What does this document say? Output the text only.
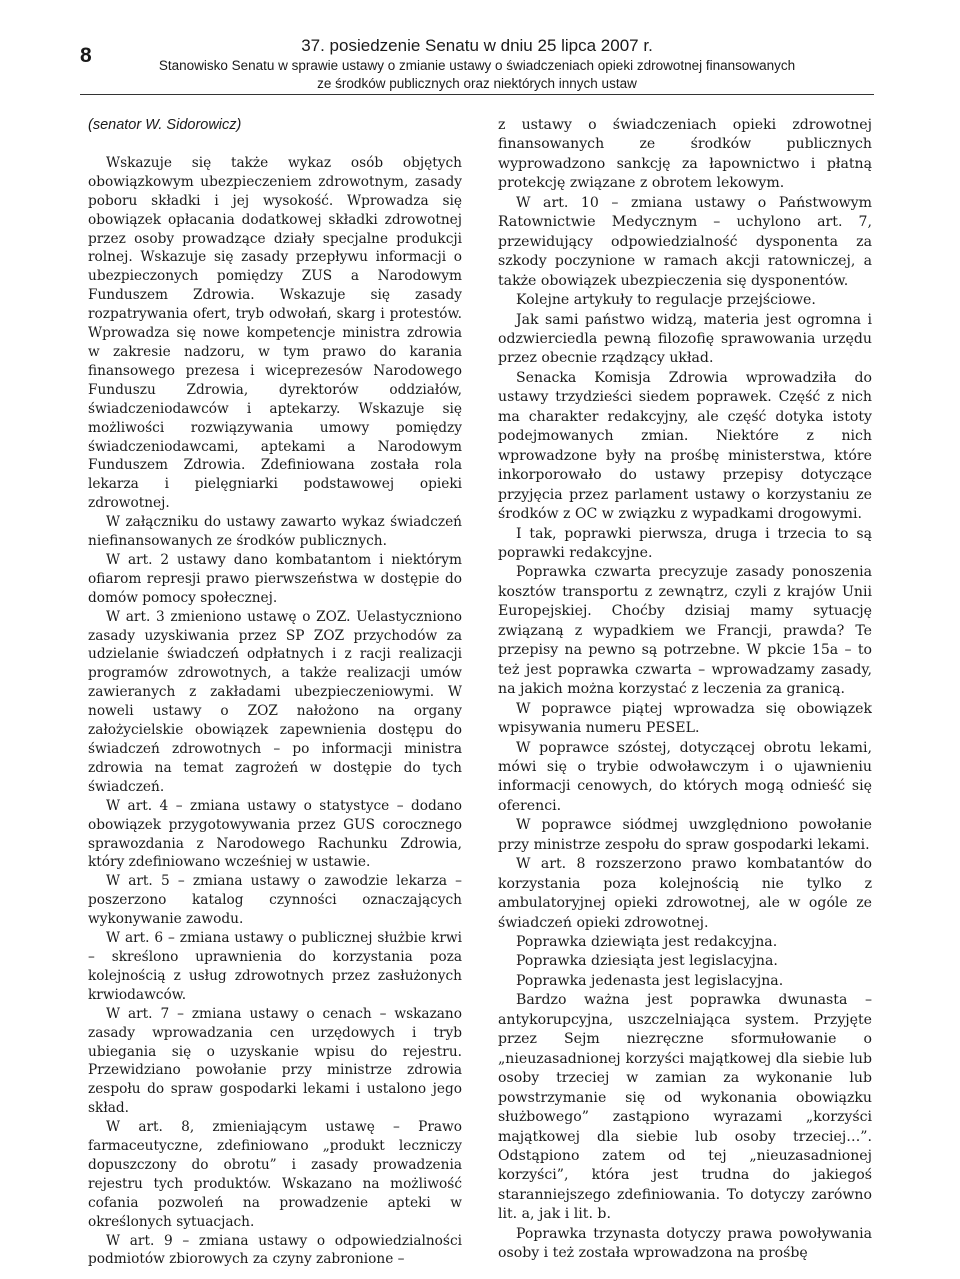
8	37. posiedzenie Senatu w dniu 25 lipca 2007 r.
Stanowisko Senatu w sprawie ustawy o zmianie ustawy o świadczeniach opieki zdrowotnej finansowanych
ze środków publicznych oraz niektórych innych ustaw

(senator W. Sidorowicz)

Wskazuje się także wykaz osób objętych obowiązkowym ubezpieczeniem zdrowotnym, zasady poboru składki i jej wysokość. Wprowadza się obowiązek opłacania dodatkowej składki zdrowotnej przez osoby prowadzące działy specjalne produkcji rolnej. Wskazuje się zasady przepływu informacji o ubezpieczonych pomiędzy ZUS a Narodowym Funduszem Zdrowia. Wskazuje się zasady rozpatrywania ofert, tryb odwołań, skarg i protestów. Wprowadza się nowe kompetencje ministra zdrowia w zakresie nadzoru, w tym prawo do karania finansowego prezesa i wiceprezesów Narodowego Funduszu Zdrowia, dyrektorów oddziałów, świadczeniodawców i aptekarzy. Wskazuje się możliwości rozwiązywania umowy pomiędzy świadczeniodawcami, aptekami a Narodowym Funduszem Zdrowia. Zdefiniowana została rola lekarza i pielęgniarki podstawowej opieki zdrowotnej.

W załączniku do ustawy zawarto wykaz świadczeń niefinansowanych ze środków publicznych.

W art. 2 ustawy dano kombatantom i niektórym ofiarom represji prawo pierwszeństwa w dostępie do domów pomocy społecznej.

W art. 3 zmieniono ustawę o ZOZ. Uelastyczniono zasady uzyskiwania przez SP ZOZ przychodów za udzielanie świadczeń odpłatnych i z racji realizacji programów zdrowotnych, a także realizacji umów zawieranych z zakładami ubezpieczeniowymi. W noweli ustawy o ZOZ nałożono na organy założycielskie obowiązek zapewnienia dostępu do świadczeń zdrowotnych – po informacji ministra zdrowia na temat zagrożeń w dostępie do tych świadczeń.

W art. 4 – zmiana ustawy o statystyce – dodano obowiązek przygotowywania przez GUS corocznego sprawozdania z Narodowego Rachunku Zdrowia, który zdefiniowano wcześniej w ustawie.

W art. 5 – zmiana ustawy o zawodzie lekarza – poszerzono katalog czynności oznaczających wykonywanie zawodu.

W art. 6 – zmiana ustawy o publicznej służbie krwi – skreślono uprawnienia do korzystania poza kolejnością z usług zdrowotnych przez zasłużonych krwiodawców.

W art. 7 – zmiana ustawy o cenach – wskazano zasady wprowadzania cen urzędowych i tryb ubiegania się o uzyskanie wpisu do rejestru. Przewidziano powołanie przy ministrze zdrowia zespołu do spraw gospodarki lekami i ustalono jego skład.

W art. 8, zmieniającym ustawę – Prawo farmaceutyczne, zdefiniowano „produkt leczniczy dopuszczony do obrotu” i zasady prowadzenia rejestru tych produktów. Wskazano na możliwość cofania pozwoleń na prowadzenie apteki w określonych sytuacjach.

W art. 9 – zmiana ustawy o odpowiedzialności podmiotów zbiorowych za czyny zabronione –

z ustawy o świadczeniach opieki zdrowotnej finansowanych ze środków publicznych wyprowadzono sankcję za łapownictwo i płatną protekcję związane z obrotem lekowym.

W art. 10 – zmiana ustawy o Państwowym Ratownictwie Medycznym – uchylono art. 7, przewidujący odpowiedzialność dysponenta za szkody poczynione w ramach akcji ratowniczej, a także obowiązek ubezpieczenia się dysponentów.

Kolejne artykuły to regulacje przejściowe.

Jak sami państwo widzą, materia jest ogromna i odzwierciedla pewną filozofię sprawowania urzędu przez obecnie rządzący układ.

Senacka Komisja Zdrowia wprowadziła do ustawy trzydzieści siedem poprawek. Część z nich ma charakter redakcyjny, ale część dotyka istoty podejmowanych zmian. Niektóre z nich wprowadzone były na prośbę ministerstwa, które inkorporowało do ustawy przepisy dotyczące przyjęcia przez parlament ustawy o korzystaniu ze środków z OC w związku z wypadkami drogowymi.

I tak, poprawki pierwsza, druga i trzecia to są poprawki redakcyjne.

Poprawka czwarta precyzuje zasady ponoszenia kosztów transportu z zewnątrz, czyli z krajów Unii Europejskiej. Choćby dzisiaj mamy sytuację związaną z wypadkiem we Francji, prawda? Te przepisy na pewno są potrzebne. W pkcie 15a – to też jest poprawka czwarta – wprowadzamy zasady, na jakich można korzystać z leczenia za granicą.

W poprawce piątej wprowadza się obowiązek wpisywania numeru PESEL.

W poprawce szóstej, dotyczącej obrotu lekami, mówi się o trybie odwoławczym i o ujawnieniu informacji cenowych, do których mogą odnieść się oferenci.

W poprawce siódmej uwzględniono powołanie przy ministrze zespołu do spraw gospodarki lekami.

W art. 8 rozszerzono prawo kombatantów do korzystania poza kolejnością nie tylko z ambulatoryjnej opieki zdrowotnej, ale w ogóle ze świadczeń opieki zdrowotnej.

Poprawka dziewiąta jest redakcyjna.

Poprawka dziesiąta jest legislacyjna.

Poprawka jedenasta jest legislacyjna.

Bardzo ważna jest poprawka dwunasta – antykorupcyjna, uszczelniająca system. Przyjęte przez Sejm niezręczne sformułowanie o „nieuzasadnionej korzyści majątkowej dla siebie lub osoby trzeciej w zamian za wykonanie lub powstrzymanie się od wykonania obowiązku służbowego” zastąpiono wyrazami „korzyści majątkowej dla siebie lub osoby trzeciej…”. Odstąpiono zatem od tej „nieuzasadnionej korzyści”, która jest trudna do jakiegoś staranniejszego zdefiniowania. To dotyczy zarówno lit. a, jak i lit. b.

Poprawka trzynasta dotyczy prawa powoływania osoby i też została wprowadzona na prośbę
